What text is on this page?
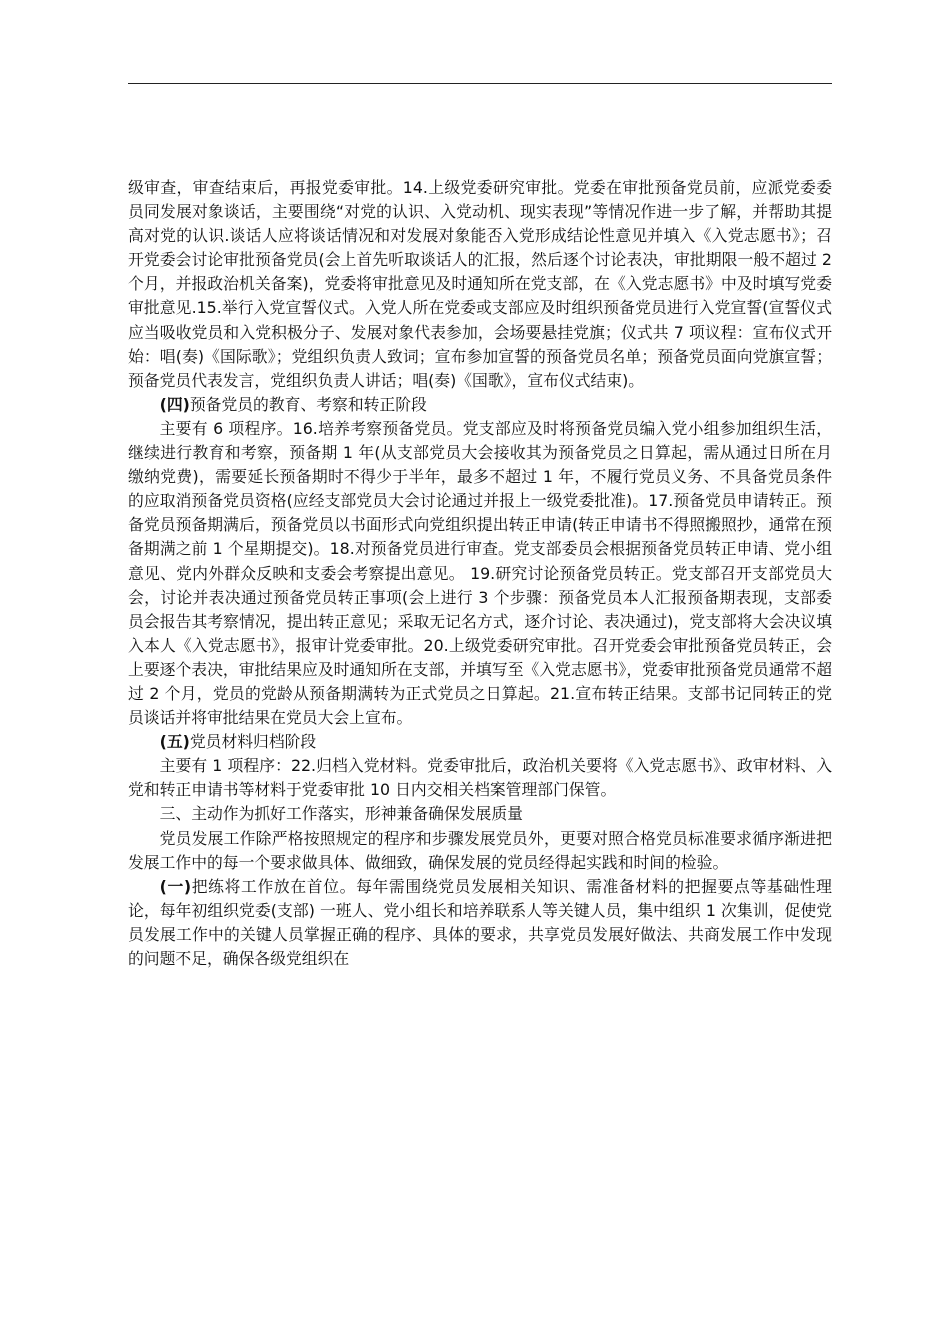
级审查，审查结束后，再报党委审批。14.上级党委研究审批。党委在审批预备党员前，应派党委委员同发展对象谈话，主要围绕“对党的认识、入党动机、现实表现”等情况作进一步了解，并帮助其提高对党的认识.谈话人应将谈话情况和对发展对象能否入党形成结论性意见并填入《入党志愿书》；召开党委会讨论审批预备党员(会上首先听取谈话人的汇报，然后逐个讨论表决，审批期限一般不超过 2 个月，并报政治机关备案)，党委将审批意见及时通知所在党支部，在《入党志愿书》中及时填写党委审批意见.15.举行入党宣誓仪式。入党人所在党委或支部应及时组织预备党员进行入党宣誓(宣誓仪式应当吸收党员和入党积极分子、发展对象代表参加，会场要悬挂党旗；仪式共 7 项议程：宣布仪式开始：唱(奏)《国际歌》；党组织负责人致词；宣布参加宣誓的预备党员名单；预备党员面向党旗宣誓；预备党员代表发言，党组织负责人讲话；唱(奏)《国歌》，宣布仪式结束)。

(四)预备党员的教育、考察和转正阶段

主要有 6 项程序。16.培养考察预备党员。党支部应及时将预备党员编入党小组参加组织生活，继续进行教育和考察，预备期 1 年(从支部党员大会接收其为预备党员之日算起，需从通过日所在月缴纳党费)，需要延长预备期时不得少于半年，最多不超过 1 年，不履行党员义务、不具备党员条件的应取消预备党员资格(应经支部党员大会讨论通过并报上一级党委批准)。17.预备党员申请转正。预备党员预备期满后，预备党员以书面形式向党组织提出转正申请(转正申请书不得照搬照抄，通常在预备期满之前 1 个星期提交)。18.对预备党员进行审查。党支部委员会根据预备党员转正申请、党小组意见、党内外群众反映和支委会考察提出意见。 19.研究讨论预备党员转正。党支部召开支部党员大会，讨论并表决通过预备党员转正事项(会上进行 3 个步骤：预备党员本人汇报预备期表现，支部委员会报告其考察情况，提出转正意见；采取无记名方式，逐介讨论、表决通过)，党支部将大会决议填入本人《入党志愿书》，报审计党委审批。20.上级党委研究审批。召开党委会审批预备党员转正，会上要逐个表决，审批结果应及时通知所在支部，并填写至《入党志愿书》，党委审批预备党员通常不超过 2 个月，党员的党龄从预备期满转为正式党员之日算起。21.宣布转正结果。支部书记同转正的党员谈话并将审批结果在党员大会上宣布。

(五)党员材料归档阶段

主要有 1 项程序：22.归档入党材料。党委审批后，政治机关要将《入党志愿书》、政审材料、入党和转正申请书等材料于党委审批 10 日内交相关档案管理部门保管。

三、主动作为抓好工作落实，形神兼备确保发展质量

党员发展工作除严格按照规定的程序和步骤发展党员外，更要对照合格党员标准要求循序渐进把发展工作中的每一个要求做具体、做细致，确保发展的党员经得起实践和时间的检验。

(一)把练将工作放在首位。每年需围绕党员发展相关知识、需准备材料的把握要点等基础性理论，每年初组织党委(支部) 一班人、党小组长和培养联系人等关键人员，集中组织 1 次集训，促使党员发展工作中的关键人员掌握正确的程序、具体的要求，共享党员发展好做法、共商发展工作中发现的问题不足，确保各级党组织在
